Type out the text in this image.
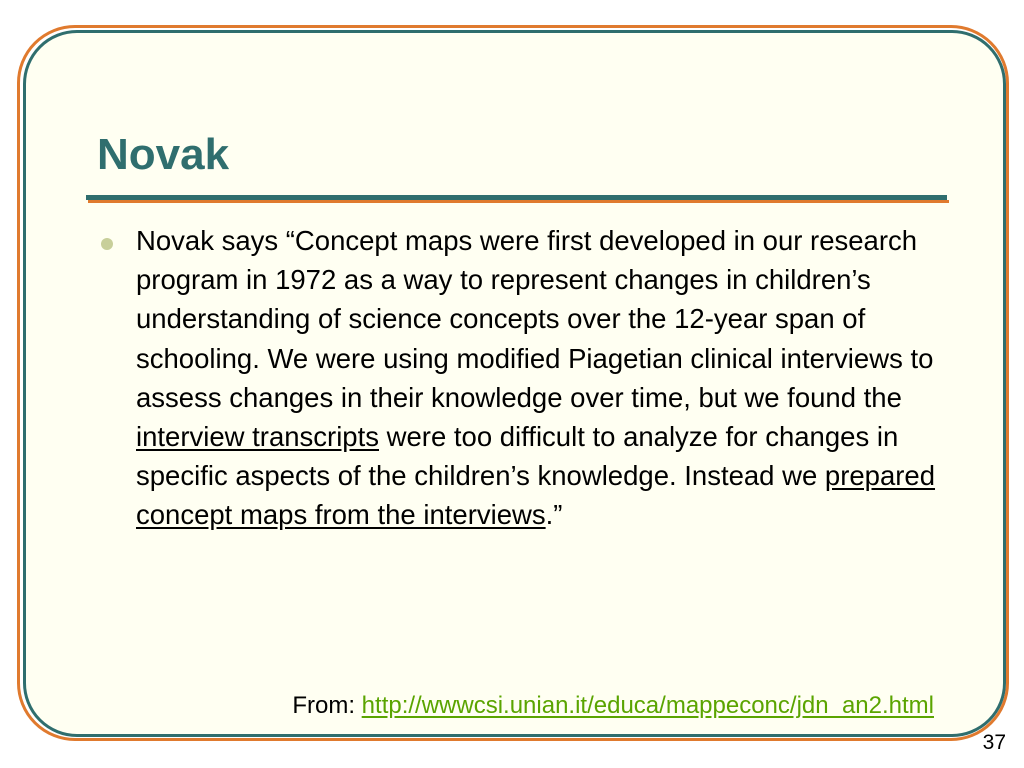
Novak

Novak says “Concept maps were first developed in our research program in 1972 as a way to represent changes in children’s understanding of science concepts over the 12-year span of schooling. We were using modified Piagetian clinical interviews to assess changes in their knowledge over time, but we found the interview transcripts were too difficult to analyze for changes in specific aspects of the children’s knowledge. Instead we prepared concept maps from the interviews.”

From: http://wwwcsi.unian.it/educa/mappeconc/jdn_an2.html

37
